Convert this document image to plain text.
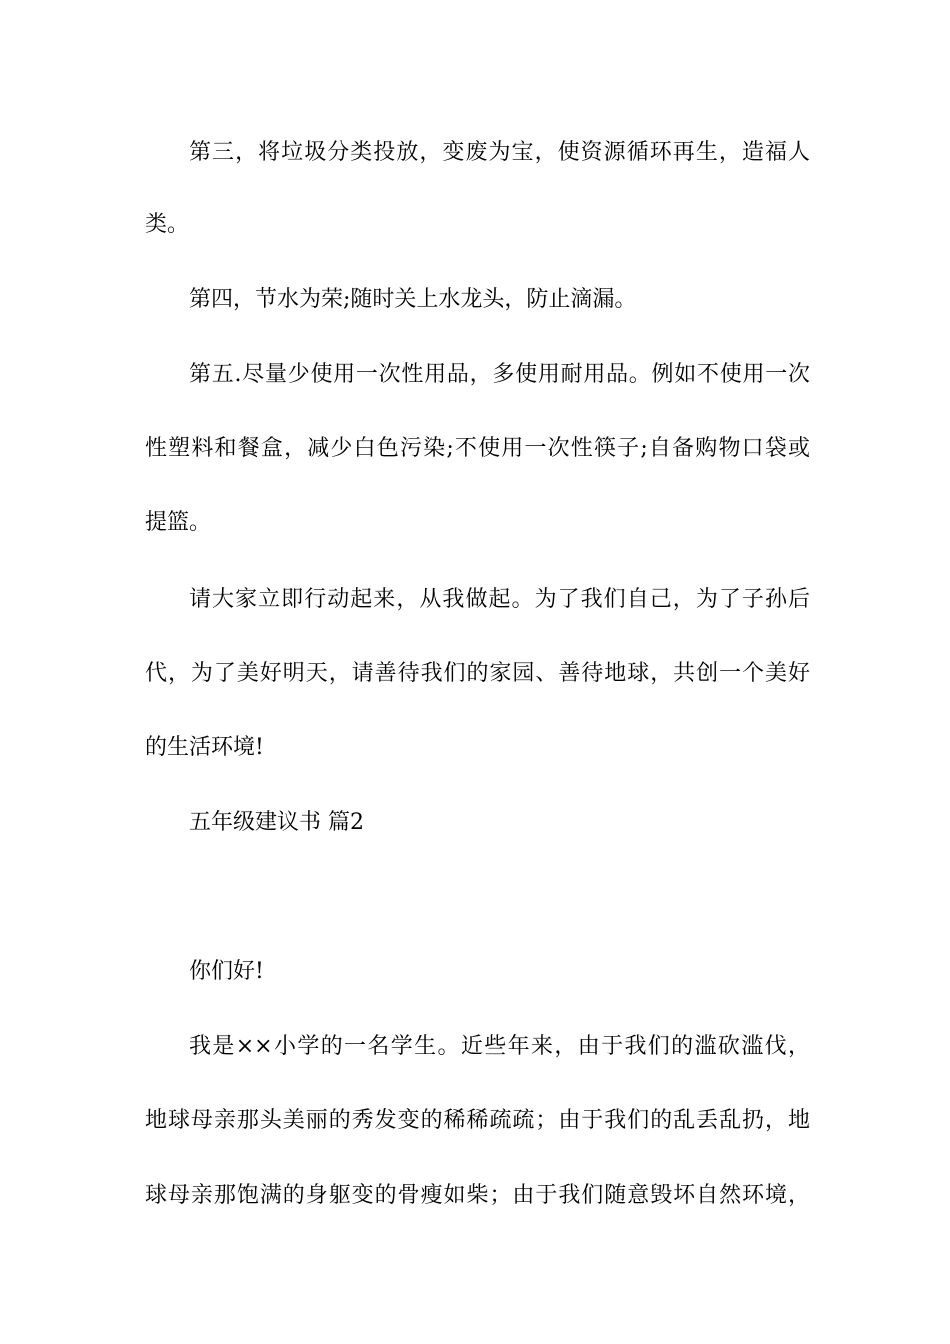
第三，将垃圾分类投放，变废为宝，使资源循环再生，造福人

类。

第四，节水为荣;随时关上水龙头，防止滴漏。

第五.尽量少使用一次性用品，多使用耐用品。例如不使用一次

性塑料和餐盒，减少白色污染;不使用一次性筷子;自备购物口袋或

提篮。

请大家立即行动起来，从我做起。为了我们自己，为了子孙后

代，为了美好明天，请善待我们的家园、善待地球，共创一个美好

的生活环境!

五年级建议书 篇2

你们好!

我是××小学的一名学生。近些年来，由于我们的滥砍滥伐，

地球母亲那头美丽的秀发变的稀稀疏疏；由于我们的乱丢乱扔，地

球母亲那饱满的身躯变的骨瘦如柴；由于我们随意毁坏自然环境，
